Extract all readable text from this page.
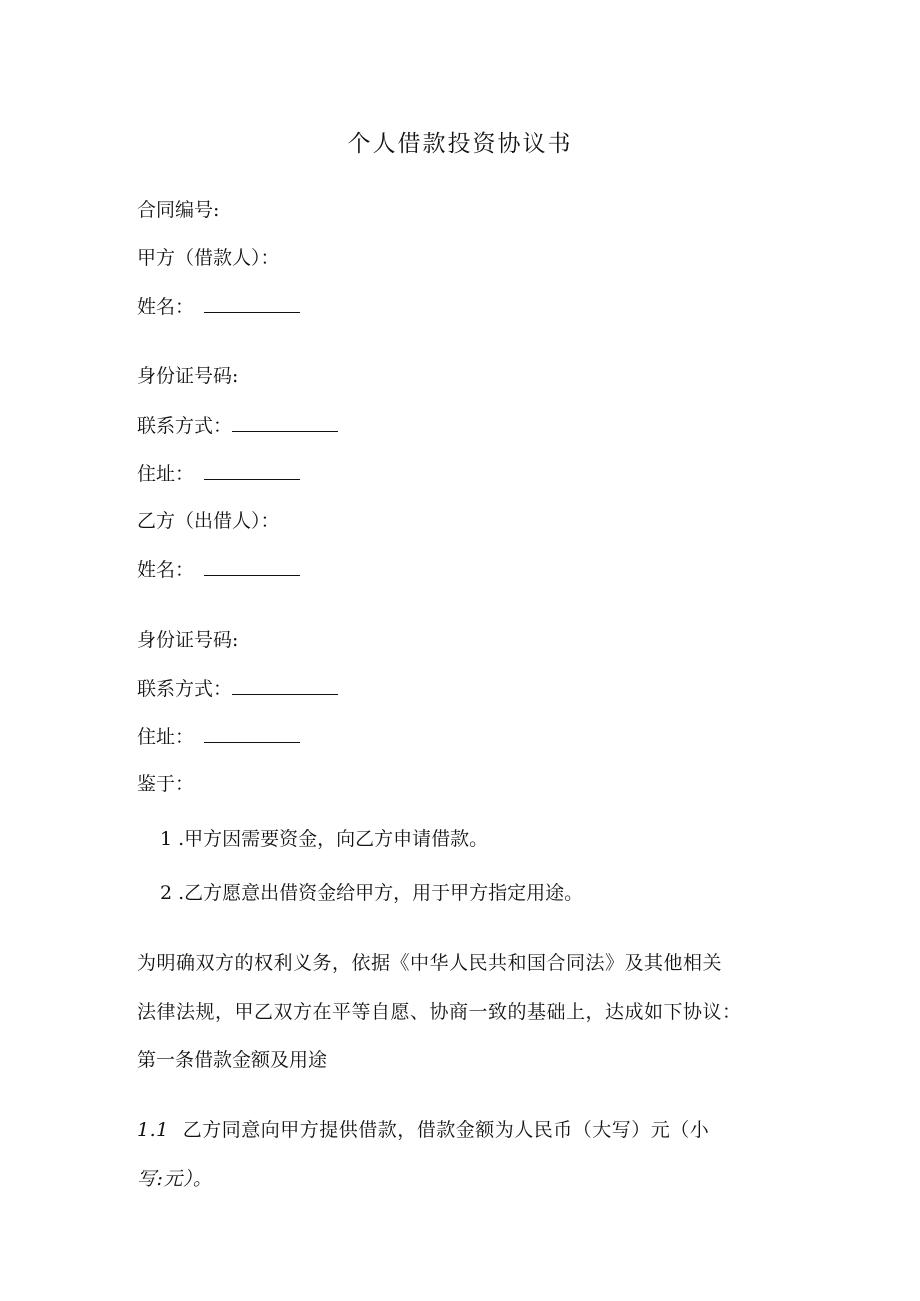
个人借款投资协议书
合同编号:
甲方（借款人）：
姓名：
身份证号码:
联系方式：
住址：
乙方（出借人）：
姓名：
身份证号码:
联系方式：
住址：
鉴于：
1 .甲方因需要资金，向乙方申请借款。
2 .乙方愿意出借资金给甲方，用于甲方指定用途。
为明确双方的权利义务，依据《中华人民共和国合同法》及其他相关
法律法规，甲乙双方在平等自愿、协商一致的基础上，达成如下协议：
第一条借款金额及用途
1.1 乙方同意向甲方提供借款，借款金额为人民币（大写）元（小
写:元）。
